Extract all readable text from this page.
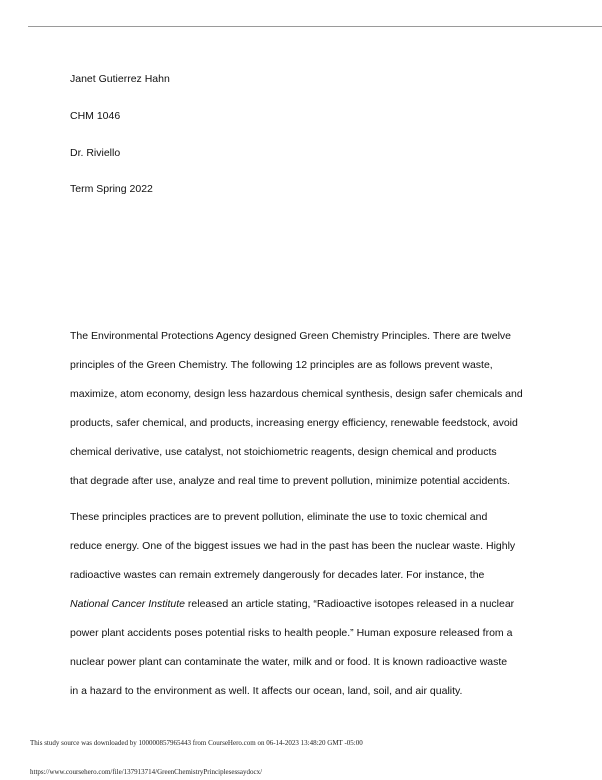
Janet Gutierrez Hahn
CHM 1046
Dr. Riviello
Term Spring 2022
The Environmental Protections Agency designed Green Chemistry Principles. There are twelve
principles of the Green Chemistry. The following 12 principles are as follows prevent waste,
maximize, atom economy, design less hazardous chemical synthesis, design safer chemicals and
products, safer chemical, and products, increasing energy efficiency, renewable feedstock, avoid
chemical derivative, use catalyst, not stoichiometric reagents, design chemical and products
that degrade after use, analyze and real time to prevent pollution, minimize potential accidents.
These principles practices are to prevent pollution, eliminate the use to toxic chemical and
reduce energy. One of the biggest issues we had in the past has been the nuclear waste. Highly
radioactive wastes can remain extremely dangerously for decades later. For instance, the
National Cancer Institute released an article stating, “Radioactive isotopes released in a nuclear
power plant accidents poses potential risks to health people.” Human exposure released from a
nuclear power plant can contaminate the water, milk and or food. It is known radioactive waste
in a hazard to the environment as well. It affects our ocean, land, soil, and air quality.
This study source was downloaded by 100000857965443 from CourseHero.com on 06-14-2023 13:48:20 GMT -05:00
https://www.coursehero.com/file/137913714/GreenChemistryPrinciplesessaydocx/
